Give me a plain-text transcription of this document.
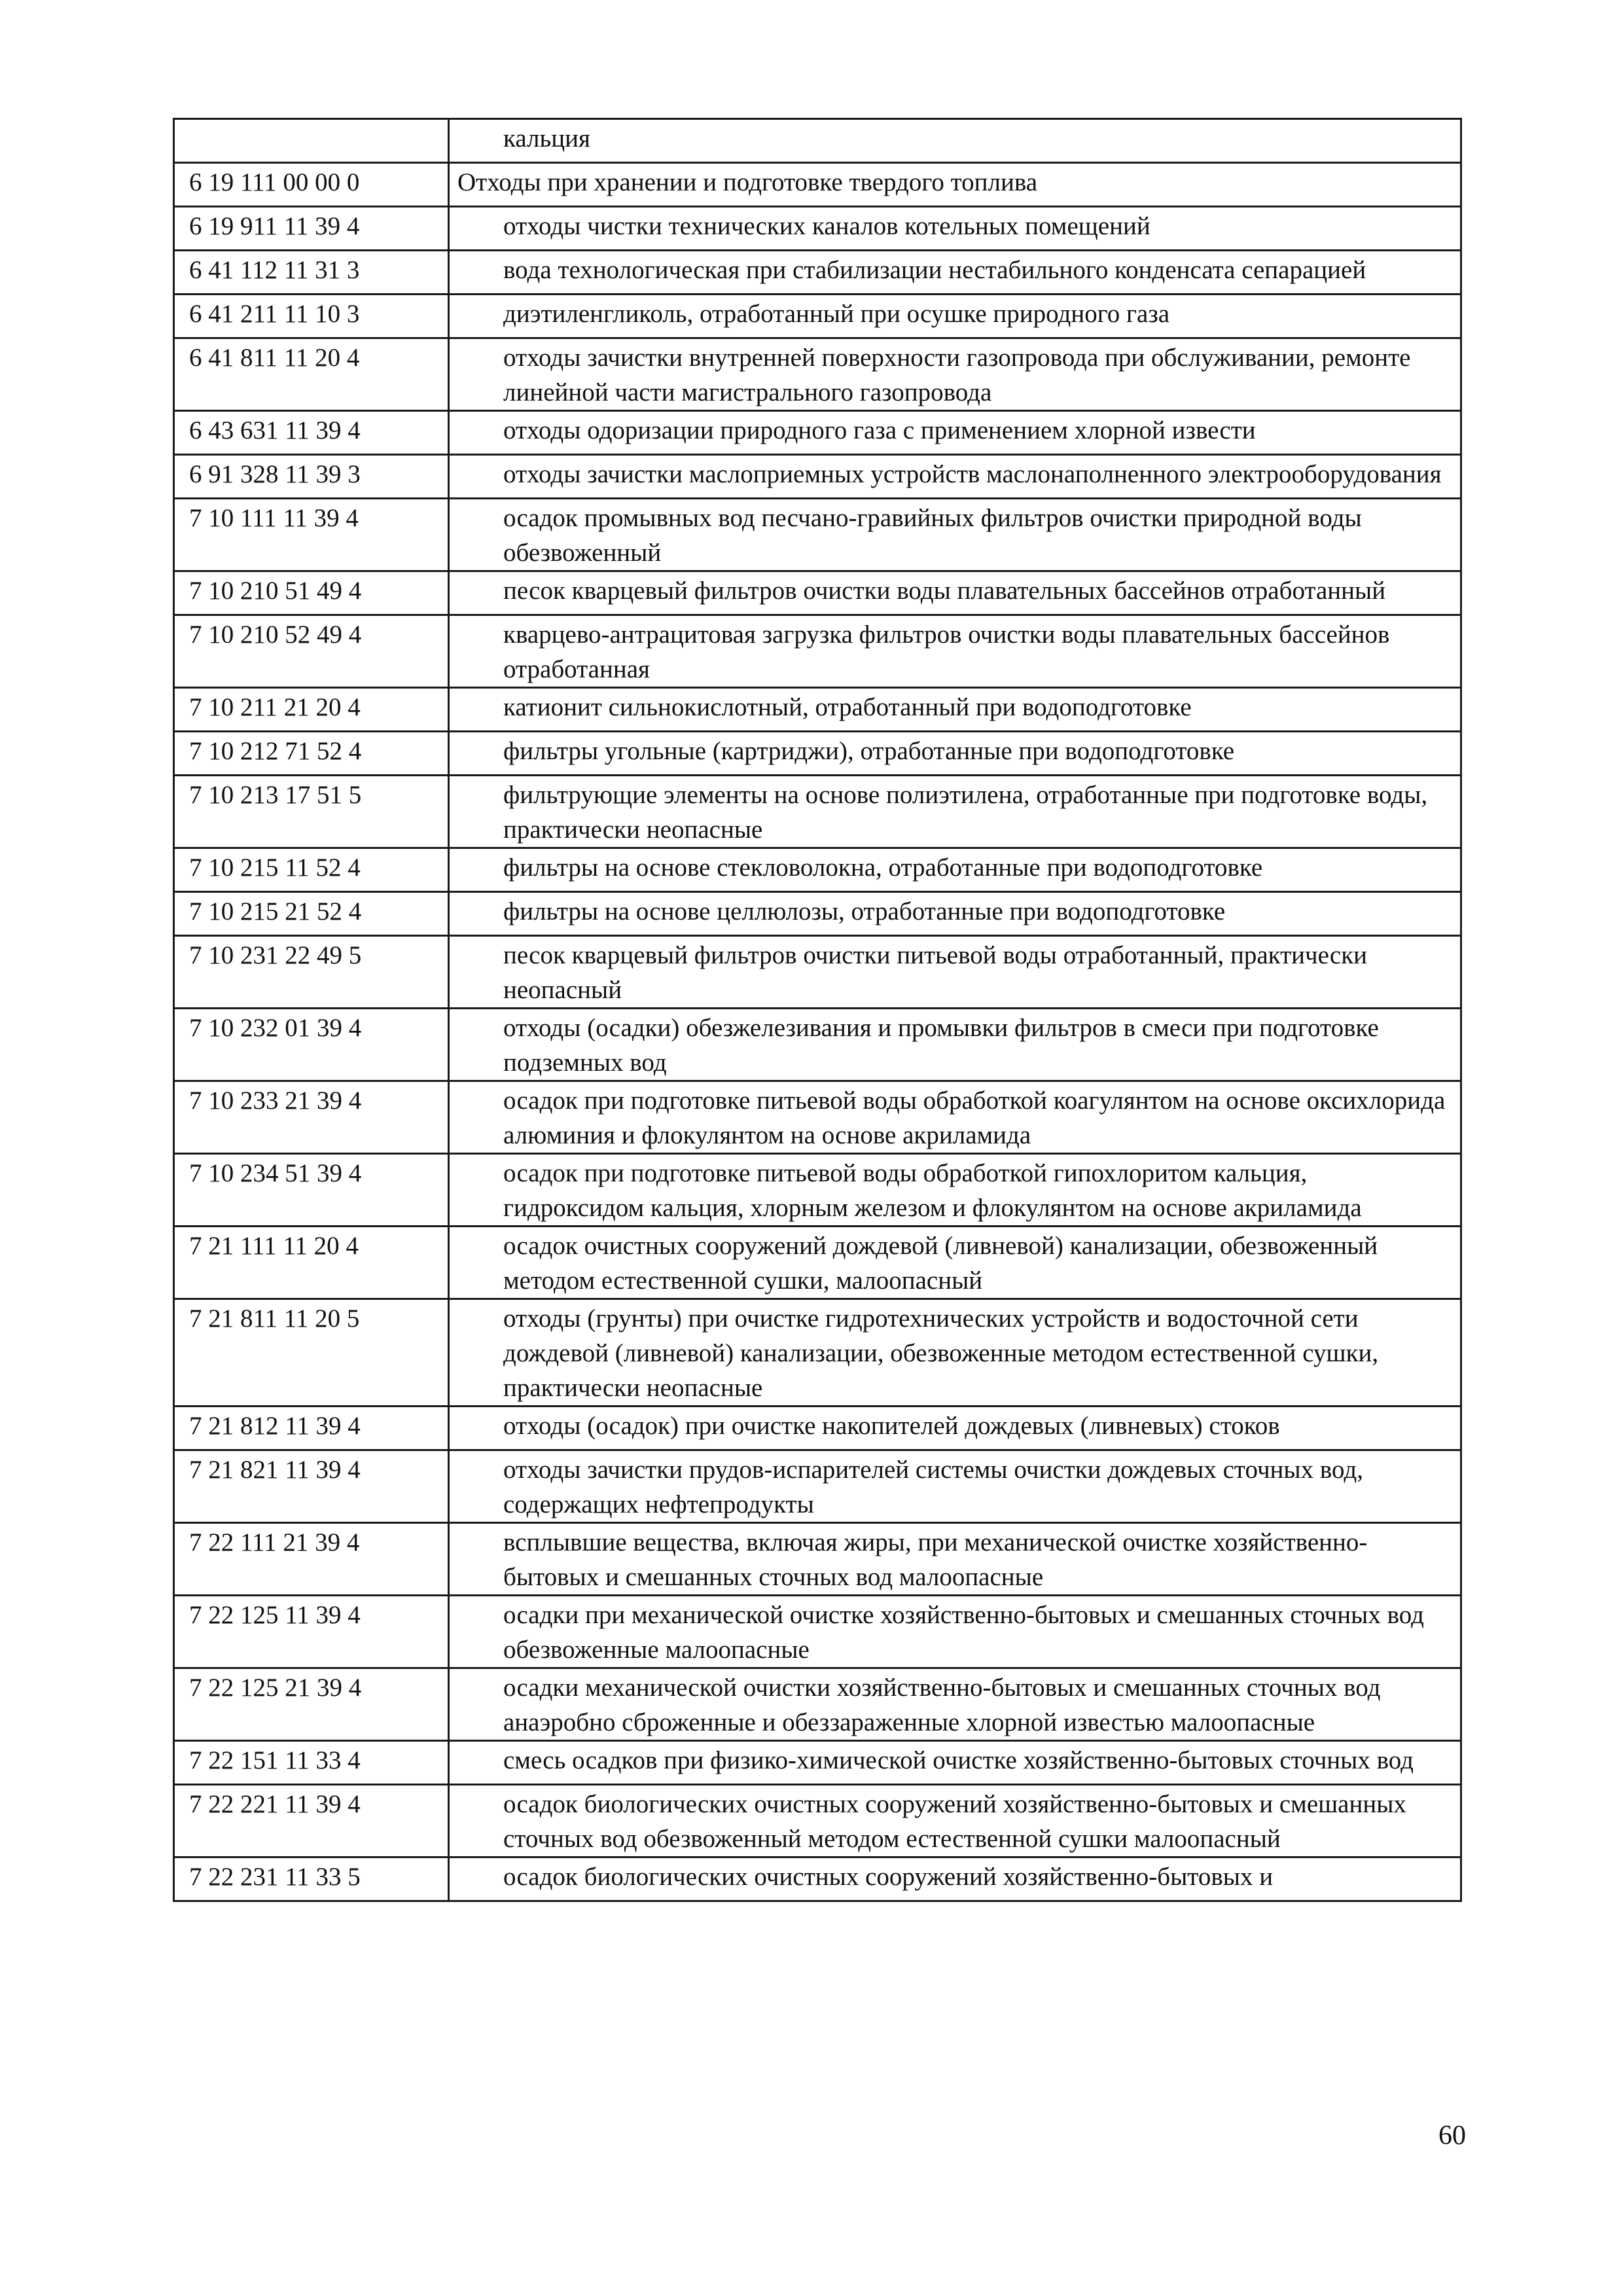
	кальция
6 19 111 00 00 0	Отходы при хранении и подготовке твердого топлива
6 19 911 11 39 4	отходы чистки технических каналов котельных помещений
6 41 112 11 31 3	вода технологическая при стабилизации нестабильного конденсата сепарацией
6 41 211 11 10 3	диэтиленгликоль, отработанный при осушке природного газа
6 41 811 11 20 4	отходы зачистки внутренней поверхности газопровода при обслуживании, ремонте линейной части магистрального газопровода
6 43 631 11 39 4	отходы одоризации природного газа с применением хлорной извести
6 91 328 11 39 3	отходы зачистки маслоприемных устройств маслонаполненного электрооборудования
7 10 111 11 39 4	осадок промывных вод песчано-гравийных фильтров очистки природной воды обезвоженный
7 10 210 51 49 4	песок кварцевый фильтров очистки воды плавательных бассейнов отработанный
7 10 210 52 49 4	кварцево-антрацитовая загрузка фильтров очистки воды плавательных бассейнов отработанная
7 10 211 21 20 4	катионит сильнокислотный, отработанный при водоподготовке
7 10 212 71 52 4	фильтры угольные (картриджи), отработанные при водоподготовке
7 10 213 17 51 5	фильтрующие элементы на основе полиэтилена, отработанные при подготовке воды, практически неопасные
7 10 215 11 52 4	фильтры на основе стекловолокна, отработанные при водоподготовке
7 10 215 21 52 4	фильтры на основе целлюлозы, отработанные при водоподготовке
7 10 231 22 49 5	песок кварцевый фильтров очистки питьевой воды отработанный, практически неопасный
7 10 232 01 39 4	отходы (осадки) обезжелезивания и промывки фильтров в смеси при подготовке подземных вод
7 10 233 21 39 4	осадок при подготовке питьевой воды обработкой коагулянтом на основе оксихлорида алюминия и флокулянтом на основе акриламида
7 10 234 51 39 4	осадок при подготовке питьевой воды обработкой гипохлоритом кальция, гидроксидом кальция, хлорным железом и флокулянтом на основе акриламида
7 21 111 11 20 4	осадок очистных сооружений дождевой (ливневой) канализации, обезвоженный методом естественной сушки, малоопасный
7 21 811 11 20 5	отходы (грунты) при очистке гидротехнических устройств и водосточной сети дождевой (ливневой) канализации, обезвоженные методом естественной сушки, практически неопасные
7 21 812 11 39 4	отходы (осадок) при очистке накопителей дождевых (ливневых) стоков
7 21 821 11 39 4	отходы зачистки прудов-испарителей системы очистки дождевых сточных вод, содержащих нефтепродукты
7 22 111 21 39 4	всплывшие вещества, включая жиры, при механической очистке хозяйственно-бытовых и смешанных сточных вод малоопасные
7 22 125 11 39 4	осадки при механической очистке хозяйственно-бытовых и смешанных сточных вод обезвоженные малоопасные
7 22 125 21 39 4	осадки механической очистки хозяйственно-бытовых и смешанных сточных вод анаэробно сброженные и обеззараженные хлорной известью малоопасные
7 22 151 11 33 4	смесь осадков при физико-химической очистке хозяйственно-бытовых сточных вод
7 22 221 11 39 4	осадок биологических очистных сооружений хозяйственно-бытовых и смешанных сточных вод обезвоженный методом естественной сушки малоопасный
7 22 231 11 33 5	осадок биологических очистных сооружений хозяйственно-бытовых и
60
